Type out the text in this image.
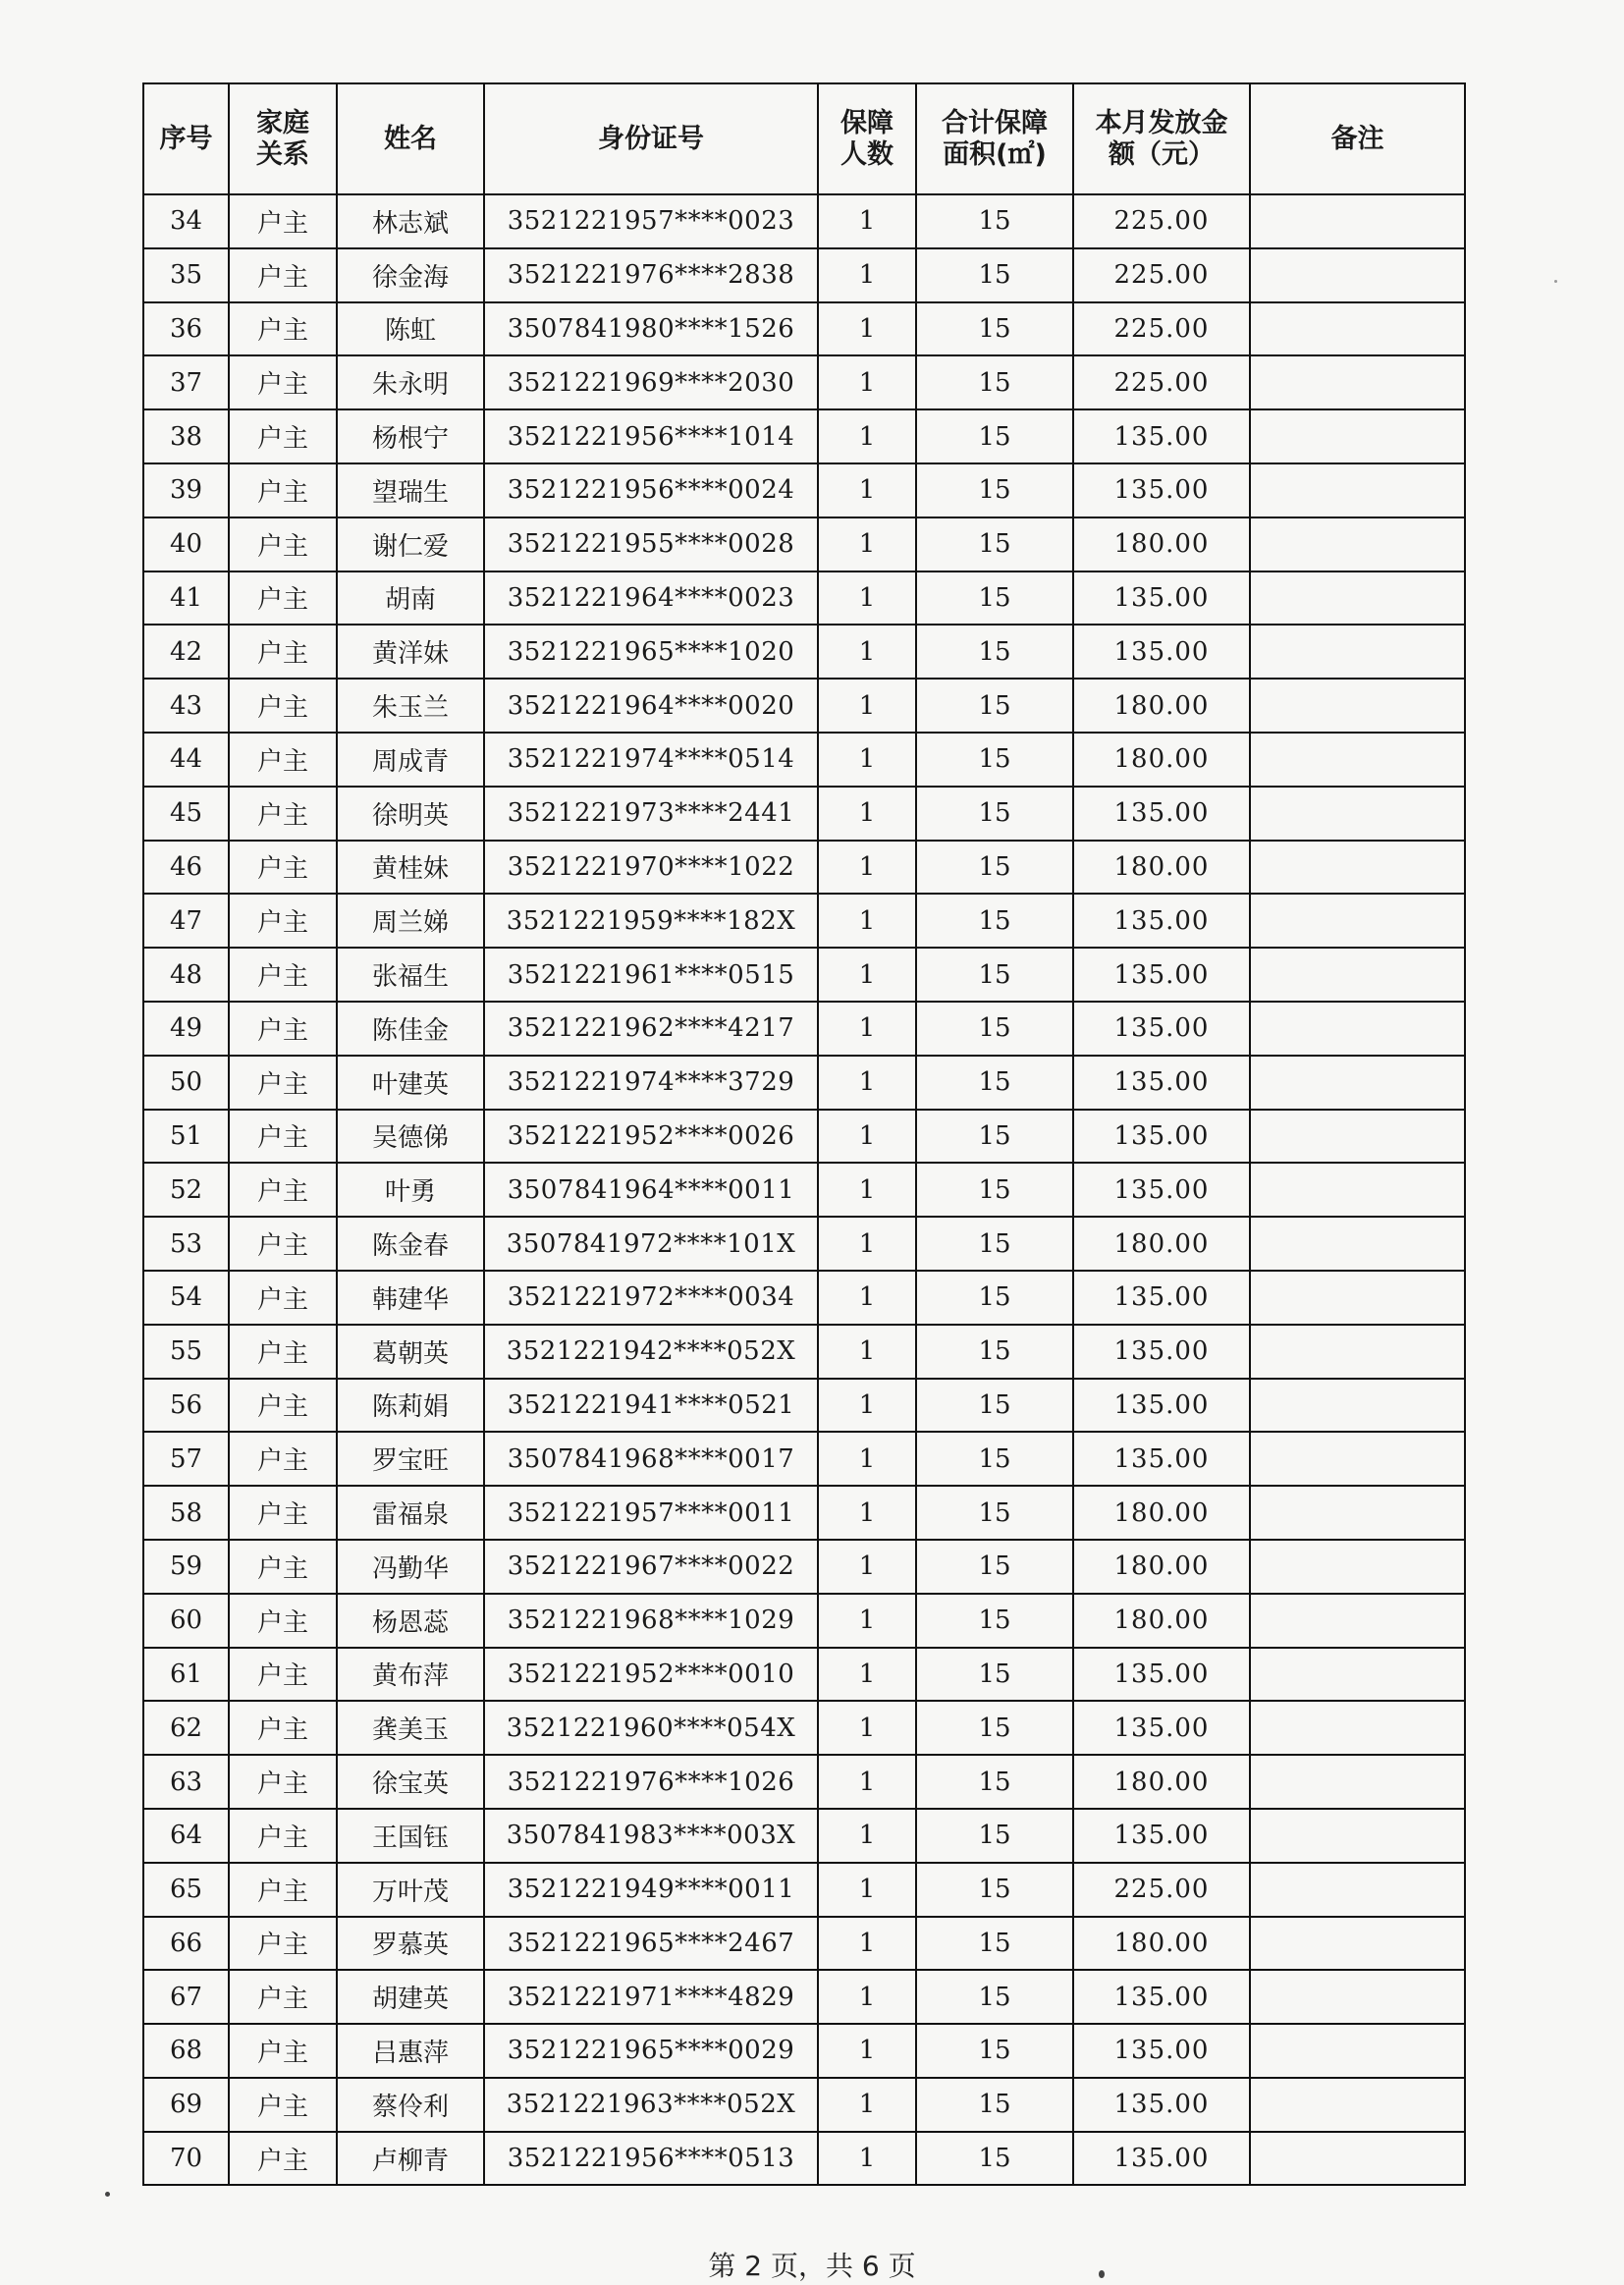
序号	家庭关系	姓名	身份证号	保障人数	合计保障面积(㎡)	本月发放金额（元）	备注
34	户主	林志斌	3521221957****0023	1	15	225.00	
35	户主	徐金海	3521221976****2838	1	15	225.00	
36	户主	陈虹	3507841980****1526	1	15	225.00	
37	户主	朱永明	3521221969****2030	1	15	225.00	
38	户主	杨根宁	3521221956****1014	1	15	135.00	
39	户主	望瑞生	3521221956****0024	1	15	135.00	
40	户主	谢仁爱	3521221955****0028	1	15	180.00	
41	户主	胡南	3521221964****0023	1	15	135.00	
42	户主	黄洋妹	3521221965****1020	1	15	135.00	
43	户主	朱玉兰	3521221964****0020	1	15	180.00	
44	户主	周成青	3521221974****0514	1	15	180.00	
45	户主	徐明英	3521221973****2441	1	15	135.00	
46	户主	黄桂妹	3521221970****1022	1	15	180.00	
47	户主	周兰娣	3521221959****182X	1	15	135.00	
48	户主	张福生	3521221961****0515	1	15	135.00	
49	户主	陈佳金	3521221962****4217	1	15	135.00	
50	户主	叶建英	3521221974****3729	1	15	135.00	
51	户主	吴德俤	3521221952****0026	1	15	135.00	
52	户主	叶勇	3507841964****0011	1	15	135.00	
53	户主	陈金春	3507841972****101X	1	15	180.00	
54	户主	韩建华	3521221972****0034	1	15	135.00	
55	户主	葛朝英	3521221942****052X	1	15	135.00	
56	户主	陈莉娟	3521221941****0521	1	15	135.00	
57	户主	罗宝旺	3507841968****0017	1	15	135.00	
58	户主	雷福泉	3521221957****0011	1	15	180.00	
59	户主	冯勤华	3521221967****0022	1	15	180.00	
60	户主	杨恩蕊	3521221968****1029	1	15	180.00	
61	户主	黄布萍	3521221952****0010	1	15	135.00	
62	户主	龚美玉	3521221960****054X	1	15	135.00	
63	户主	徐宝英	3521221976****1026	1	15	180.00	
64	户主	王国钰	3507841983****003X	1	15	135.00	
65	户主	万叶茂	3521221949****0011	1	15	225.00	
66	户主	罗慕英	3521221965****2467	1	15	180.00	
67	户主	胡建英	3521221971****4829	1	15	135.00	
68	户主	吕惠萍	3521221965****0029	1	15	135.00	
69	户主	蔡伶利	3521221963****052X	1	15	135.00	
70	户主	卢柳青	3521221956****0513	1	15	135.00	
第 2 页，共 6 页
